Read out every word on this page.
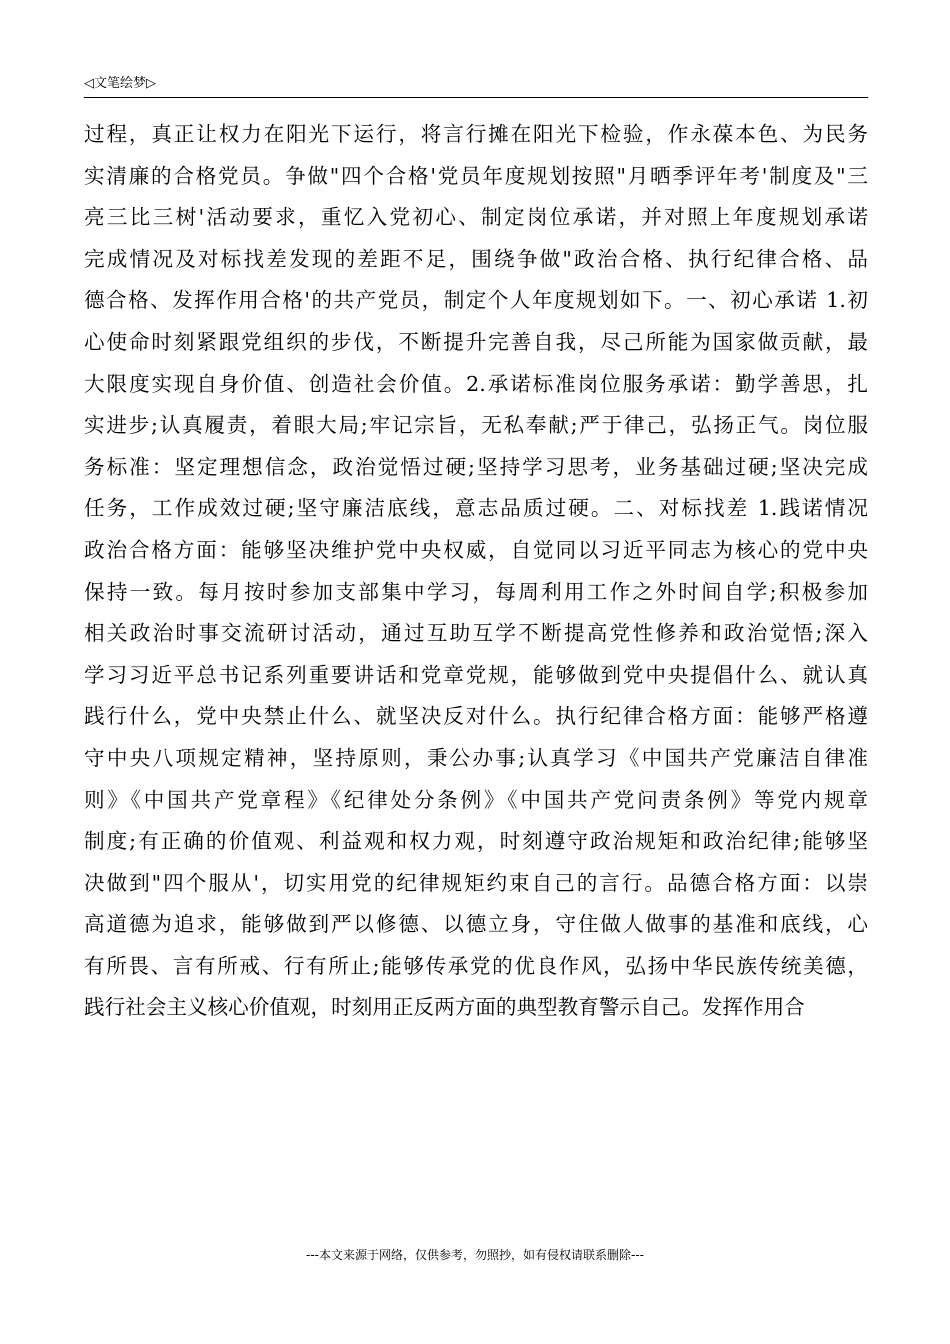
◁文笔绘梦▷
过程，真正让权力在阳光下运行，将言行摊在阳光下检验，作永葆本色、为民务
实清廉的合格党员。争做"四个合格'党员年度规划按照"月晒季评年考'制度及"三
亮三比三树'活动要求，重忆入党初心、制定岗位承诺，并对照上年度规划承诺
完成情况及对标找差发现的差距不足，围绕争做"政治合格、执行纪律合格、品
德合格、发挥作用合格'的共产党员，制定个人年度规划如下。一、初心承诺 1.初
心使命时刻紧跟党组织的步伐，不断提升完善自我，尽己所能为国家做贡献，最
大限度实现自身价值、创造社会价值。2.承诺标准岗位服务承诺：勤学善思，扎
实进步;认真履责，着眼大局;牢记宗旨，无私奉献;严于律己，弘扬正气。岗位服
务标准：坚定理想信念，政治觉悟过硬;坚持学习思考，业务基础过硬;坚决完成
任务，工作成效过硬;坚守廉洁底线，意志品质过硬。二、对标找差 1.践诺情况
政治合格方面：能够坚决维护党中央权威，自觉同以习近平同志为核心的党中央
保持一致。每月按时参加支部集中学习，每周利用工作之外时间自学;积极参加
相关政治时事交流研讨活动，通过互助互学不断提高党性修养和政治觉悟;深入
学习习近平总书记系列重要讲话和党章党规，能够做到党中央提倡什么、就认真
践行什么，党中央禁止什么、就坚决反对什么。执行纪律合格方面：能够严格遵
守中央八项规定精神，坚持原则，秉公办事;认真学习《中国共产党廉洁自律准
则》《中国共产党章程》《纪律处分条例》《中国共产党问责条例》等党内规章
制度;有正确的价值观、利益观和权力观，时刻遵守政治规矩和政治纪律;能够坚
决做到"四个服从'，切实用党的纪律规矩约束自己的言行。品德合格方面：以崇
高道德为追求，能够做到严以修德、以德立身，守住做人做事的基准和底线，心
有所畏、言有所戒、行有所止;能够传承党的优良作风，弘扬中华民族传统美德，
践行社会主义核心价值观，时刻用正反两方面的典型教育警示自己。发挥作用合
---本文来源于网络，仅供参考，勿照抄，如有侵权请联系删除---
